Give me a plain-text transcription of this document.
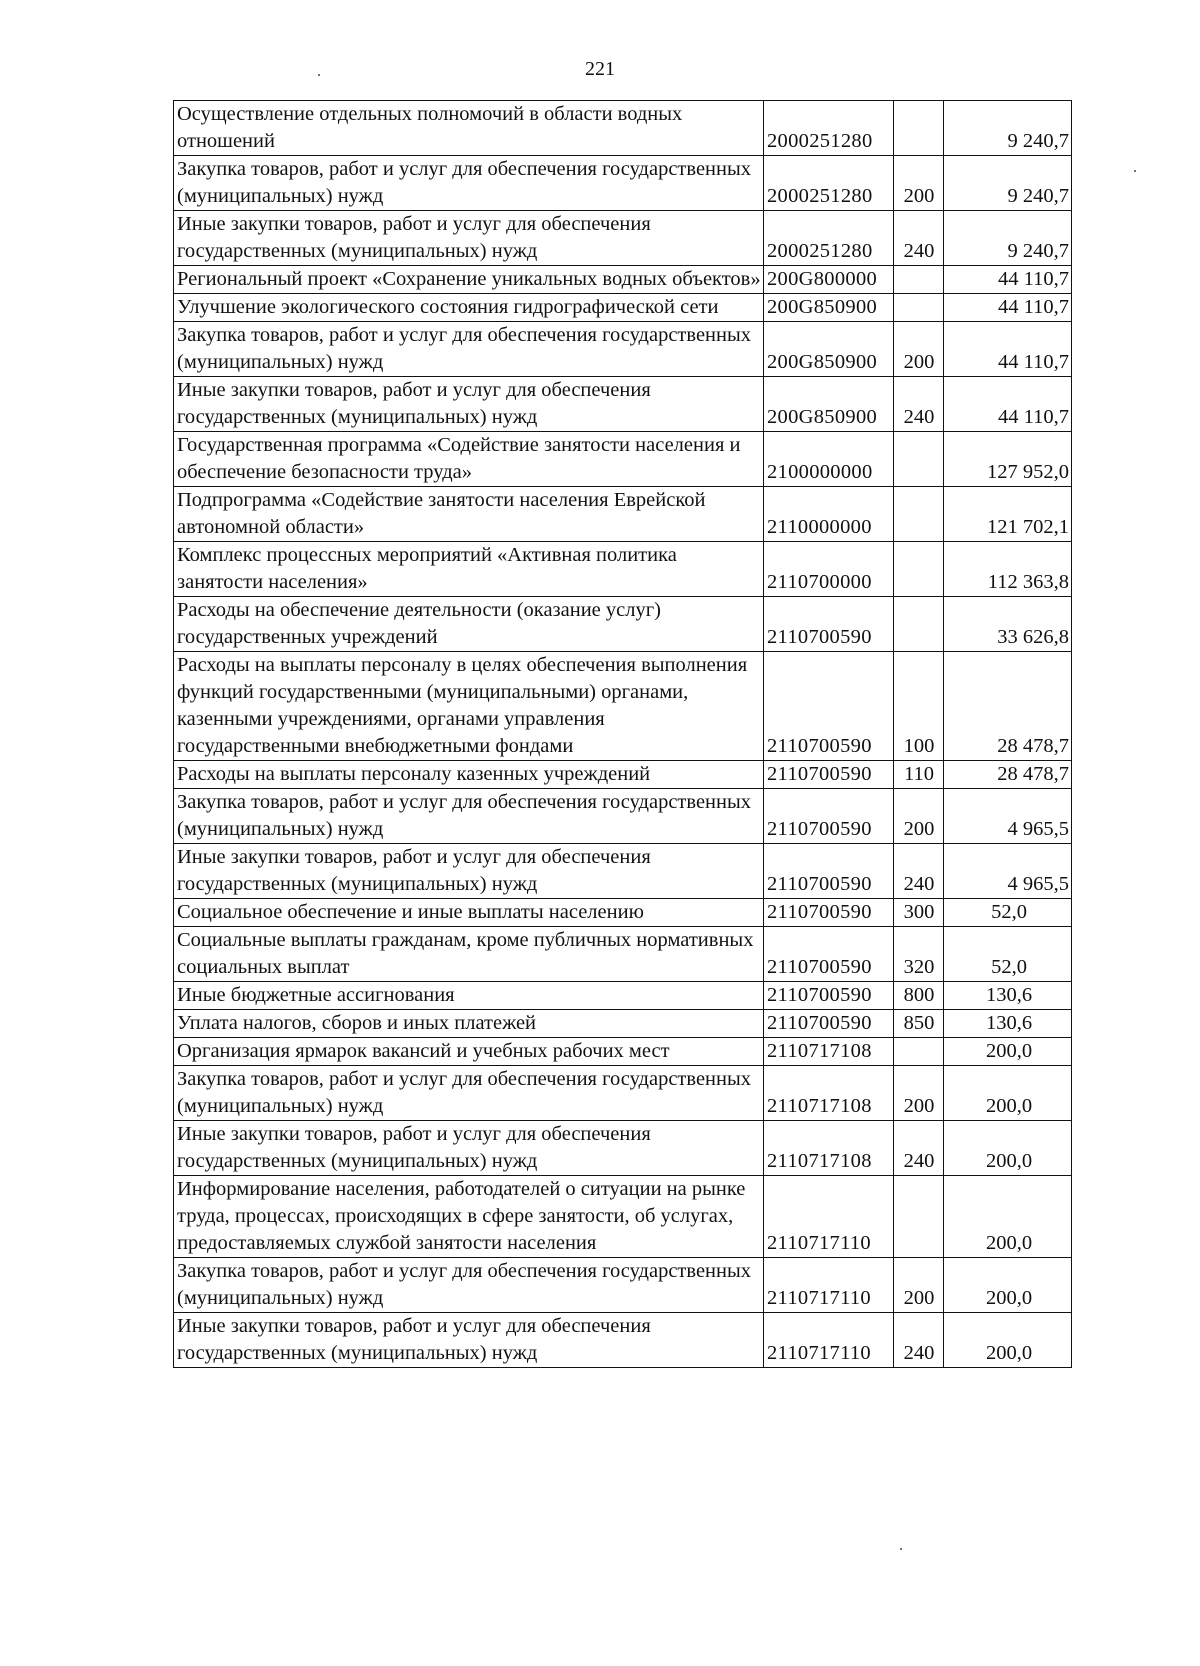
221
Осуществление отдельных полномочий в области водных отношений	2000251280		9 240,7
Закупка товаров, работ и услуг для обеспечения государственных (муниципальных) нужд	2000251280	200	9 240,7
Иные закупки товаров, работ и услуг для обеспечения государственных (муниципальных) нужд	2000251280	240	9 240,7
Региональный проект «Сохранение уникальных водных объектов»	200G800000		44 110,7
Улучшение экологического состояния гидрографической сети	200G850900		44 110,7
Закупка товаров, работ и услуг для обеспечения государственных (муниципальных) нужд	200G850900	200	44 110,7
Иные закупки товаров, работ и услуг для обеспечения государственных (муниципальных) нужд	200G850900	240	44 110,7
Государственная программа «Содействие занятости населения и обеспечение безопасности труда»	2100000000		127 952,0
Подпрограмма «Содействие занятости населения Еврейской автономной области»	2110000000		121 702,1
Комплекс процессных мероприятий «Активная политика занятости населения»	2110700000		112 363,8
Расходы на обеспечение деятельности (оказание услуг) государственных учреждений	2110700590		33 626,8
Расходы на выплаты персоналу в целях обеспечения выполнения функций государственными (муниципальными) органами, казенными учреждениями, органами управления государственными внебюджетными фондами	2110700590	100	28 478,7
Расходы на выплаты персоналу казенных учреждений	2110700590	110	28 478,7
Закупка товаров, работ и услуг для обеспечения государственных (муниципальных) нужд	2110700590	200	4 965,5
Иные закупки товаров, работ и услуг для обеспечения государственных (муниципальных) нужд	2110700590	240	4 965,5
Социальное обеспечение и иные выплаты населению	2110700590	300	52,0
Социальные выплаты гражданам, кроме публичных нормативных социальных выплат	2110700590	320	52,0
Иные бюджетные ассигнования	2110700590	800	130,6
Уплата налогов, сборов и иных платежей	2110700590	850	130,6
Организация ярмарок вакансий и учебных рабочих мест	2110717108		200,0
Закупка товаров, работ и услуг для обеспечения государственных (муниципальных) нужд	2110717108	200	200,0
Иные закупки товаров, работ и услуг для обеспечения государственных (муниципальных) нужд	2110717108	240	200,0
Информирование населения, работодателей о ситуации на рынке труда, процессах, происходящих в сфере занятости, об услугах, предоставляемых службой занятости населения	2110717110		200,0
Закупка товаров, работ и услуг для обеспечения государственных (муниципальных) нужд	2110717110	200	200,0
Иные закупки товаров, работ и услуг для обеспечения государственных (муниципальных) нужд	2110717110	240	200,0
